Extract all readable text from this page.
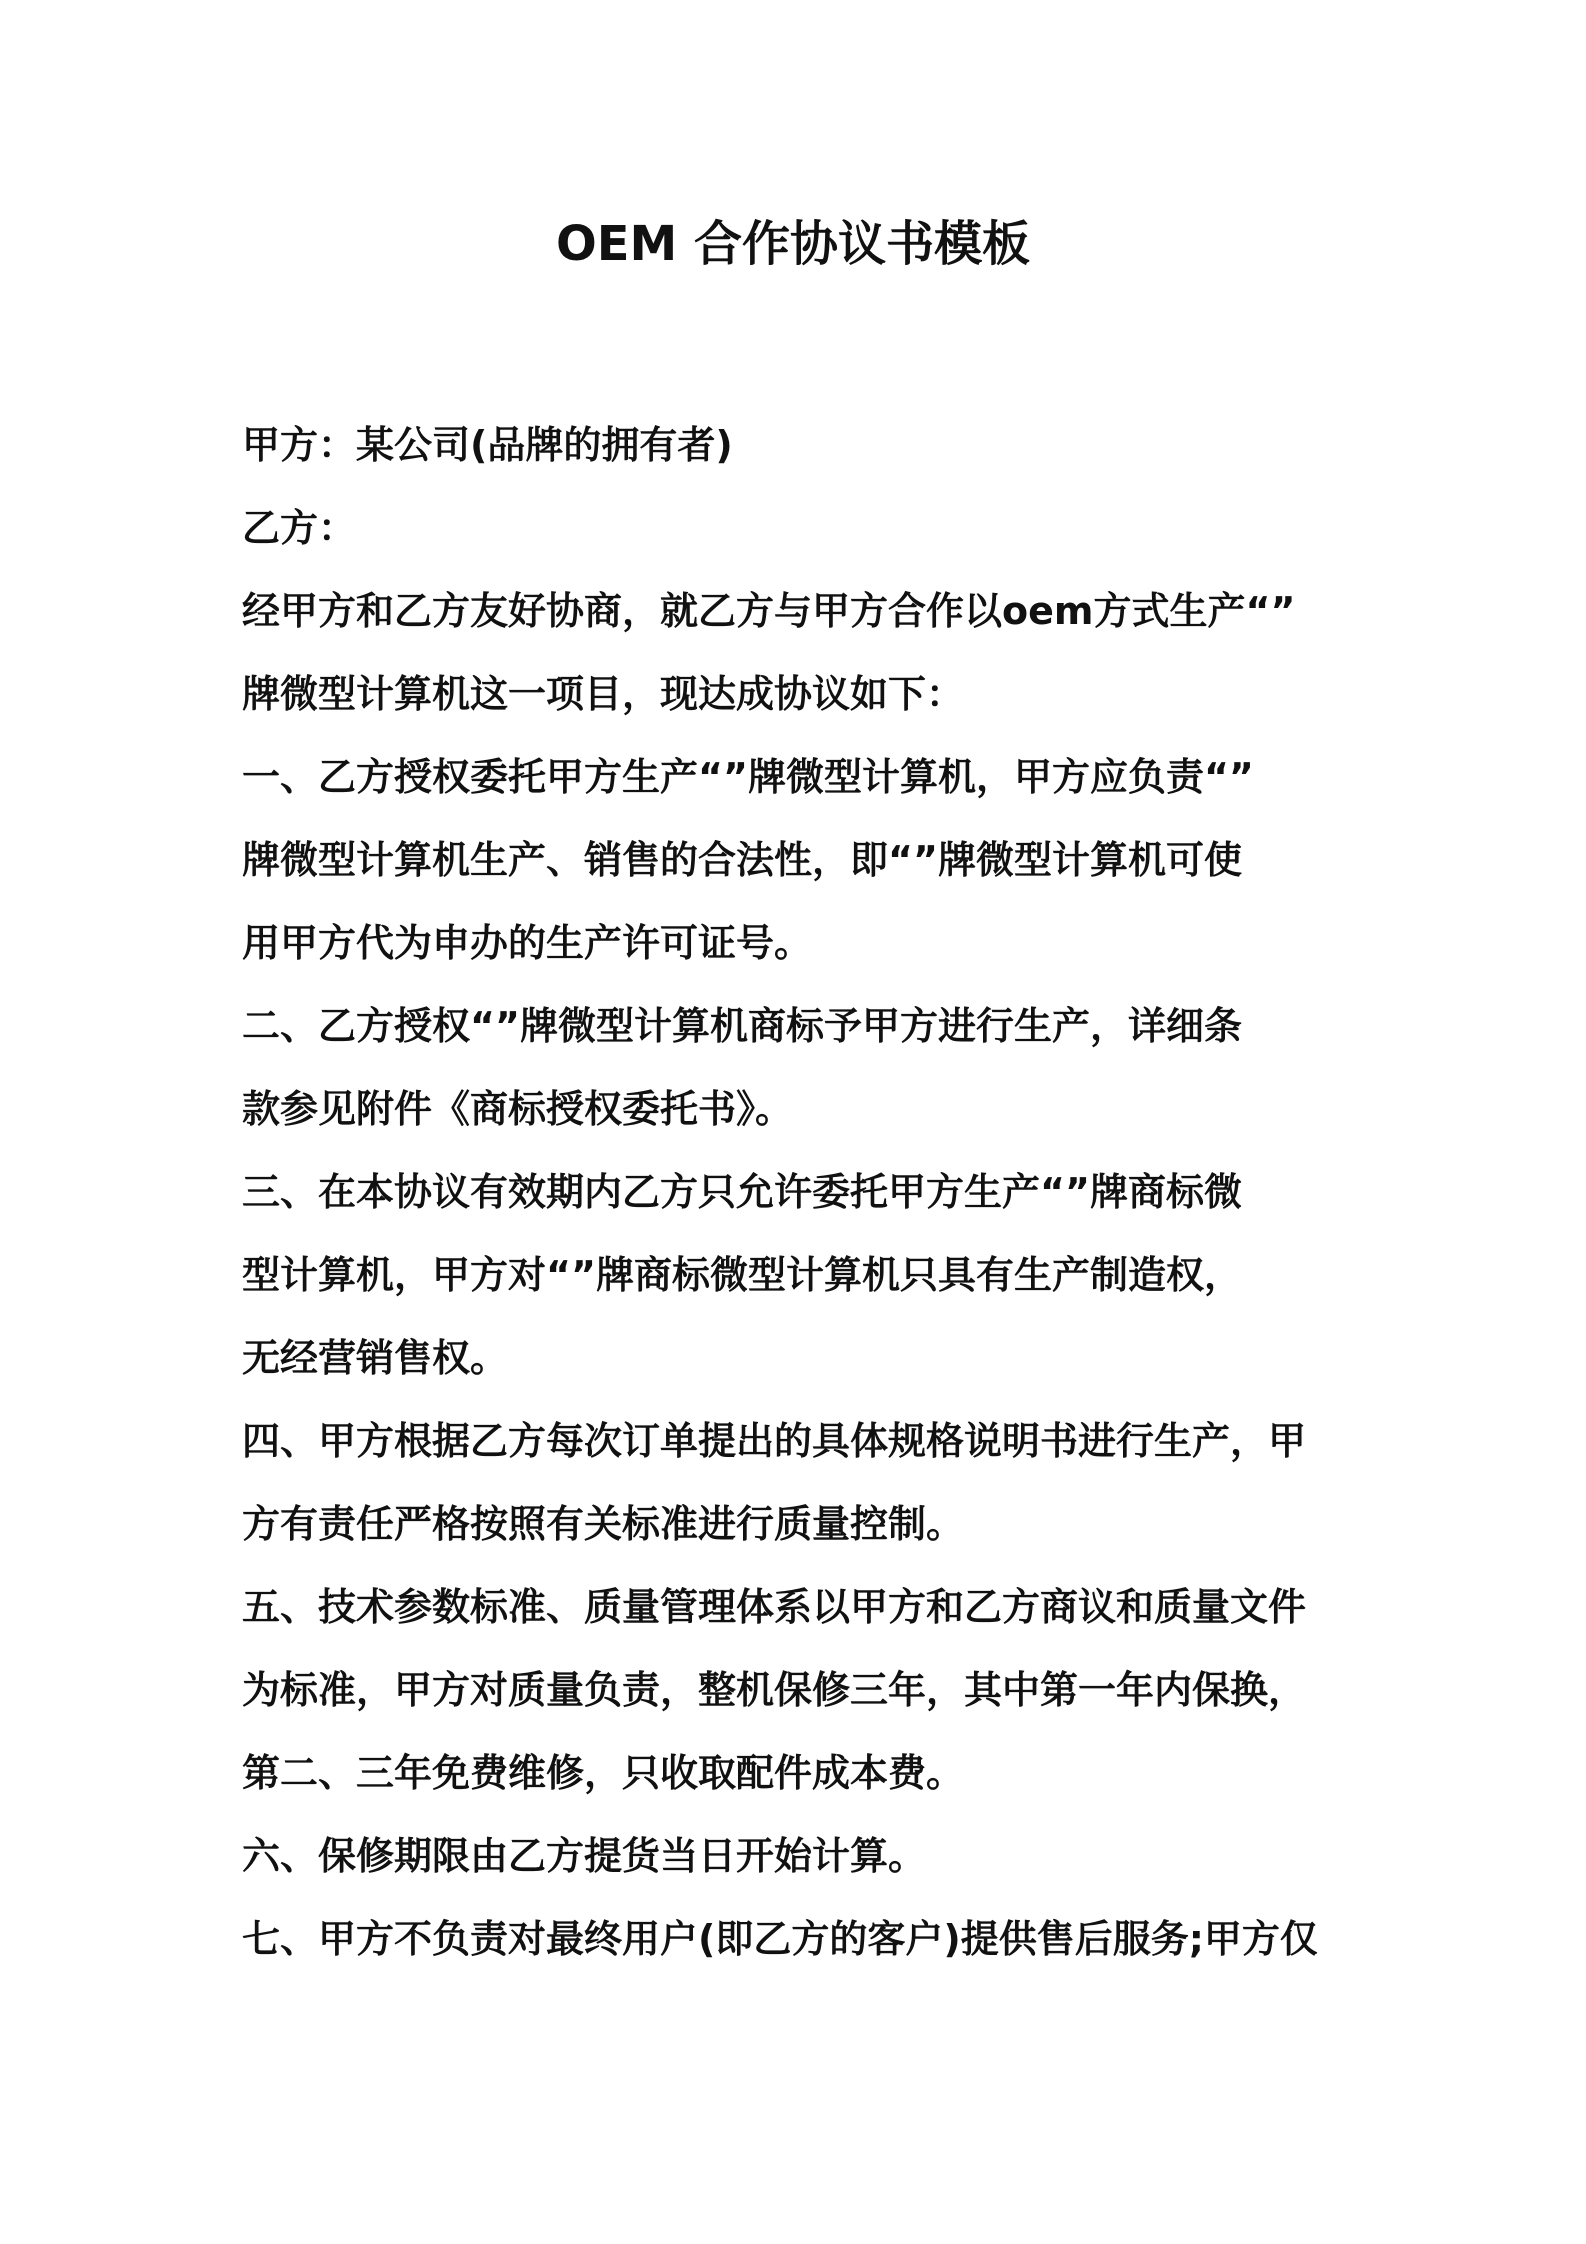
OEM 合作协议书模板

甲方：某公司(品牌的拥有者)

乙方：

经甲方和乙方友好协商，就乙方与甲方合作以oem方式生产“”
牌微型计算机这一项目，现达成协议如下：

一、乙方授权委托甲方生产“”牌微型计算机，甲方应负责“”
牌微型计算机生产、销售的合法性，即“”牌微型计算机可使
用甲方代为申办的生产许可证号。

二、乙方授权“”牌微型计算机商标予甲方进行生产，详细条
款参见附件《商标授权委托书》。

三、在本协议有效期内乙方只允许委托甲方生产“”牌商标微
型计算机，甲方对“”牌商标微型计算机只具有生产制造权，
无经营销售权。

四、甲方根据乙方每次订单提出的具体规格说明书进行生产，甲
方有责任严格按照有关标准进行质量控制。

五、技术参数标准、质量管理体系以甲方和乙方商议和质量文件
为标准，甲方对质量负责，整机保修三年，其中第一年内保换，
第二、三年免费维修，只收取配件成本费。

六、保修期限由乙方提货当日开始计算。

七、甲方不负责对最终用户(即乙方的客户)提供售后服务;甲方仅
